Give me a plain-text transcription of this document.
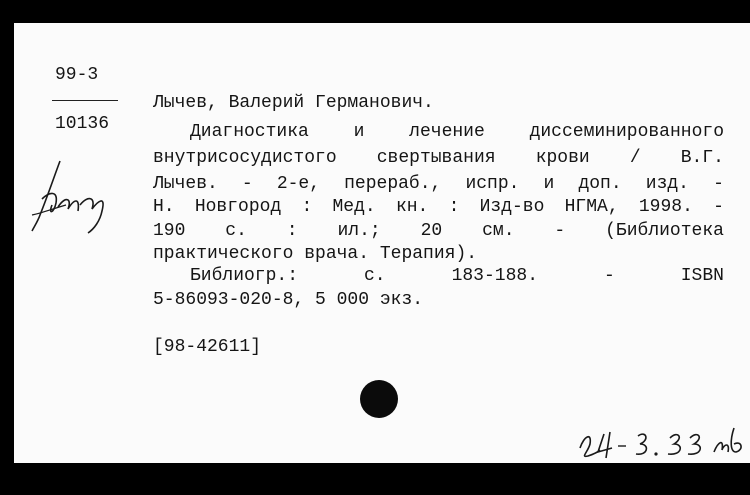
99-3
10136
Лычев, Валерий Германович.
Диагностика и лечение диссеминированного
внутрисосудистого свертывания крови / В.Г.
Лычев. - 2-е, перераб., испр. и доп. изд. -
Н. Новгород : Мед. кн. : Изд-во НГМА, 1998. -
190 с. : ил.; 20 см. - (Библиотека
практического врача. Терапия).
Библиогр.:	с.	183-188.	-	ISBN
5-86093-020-8, 5 000 экз.
[98-42611]
